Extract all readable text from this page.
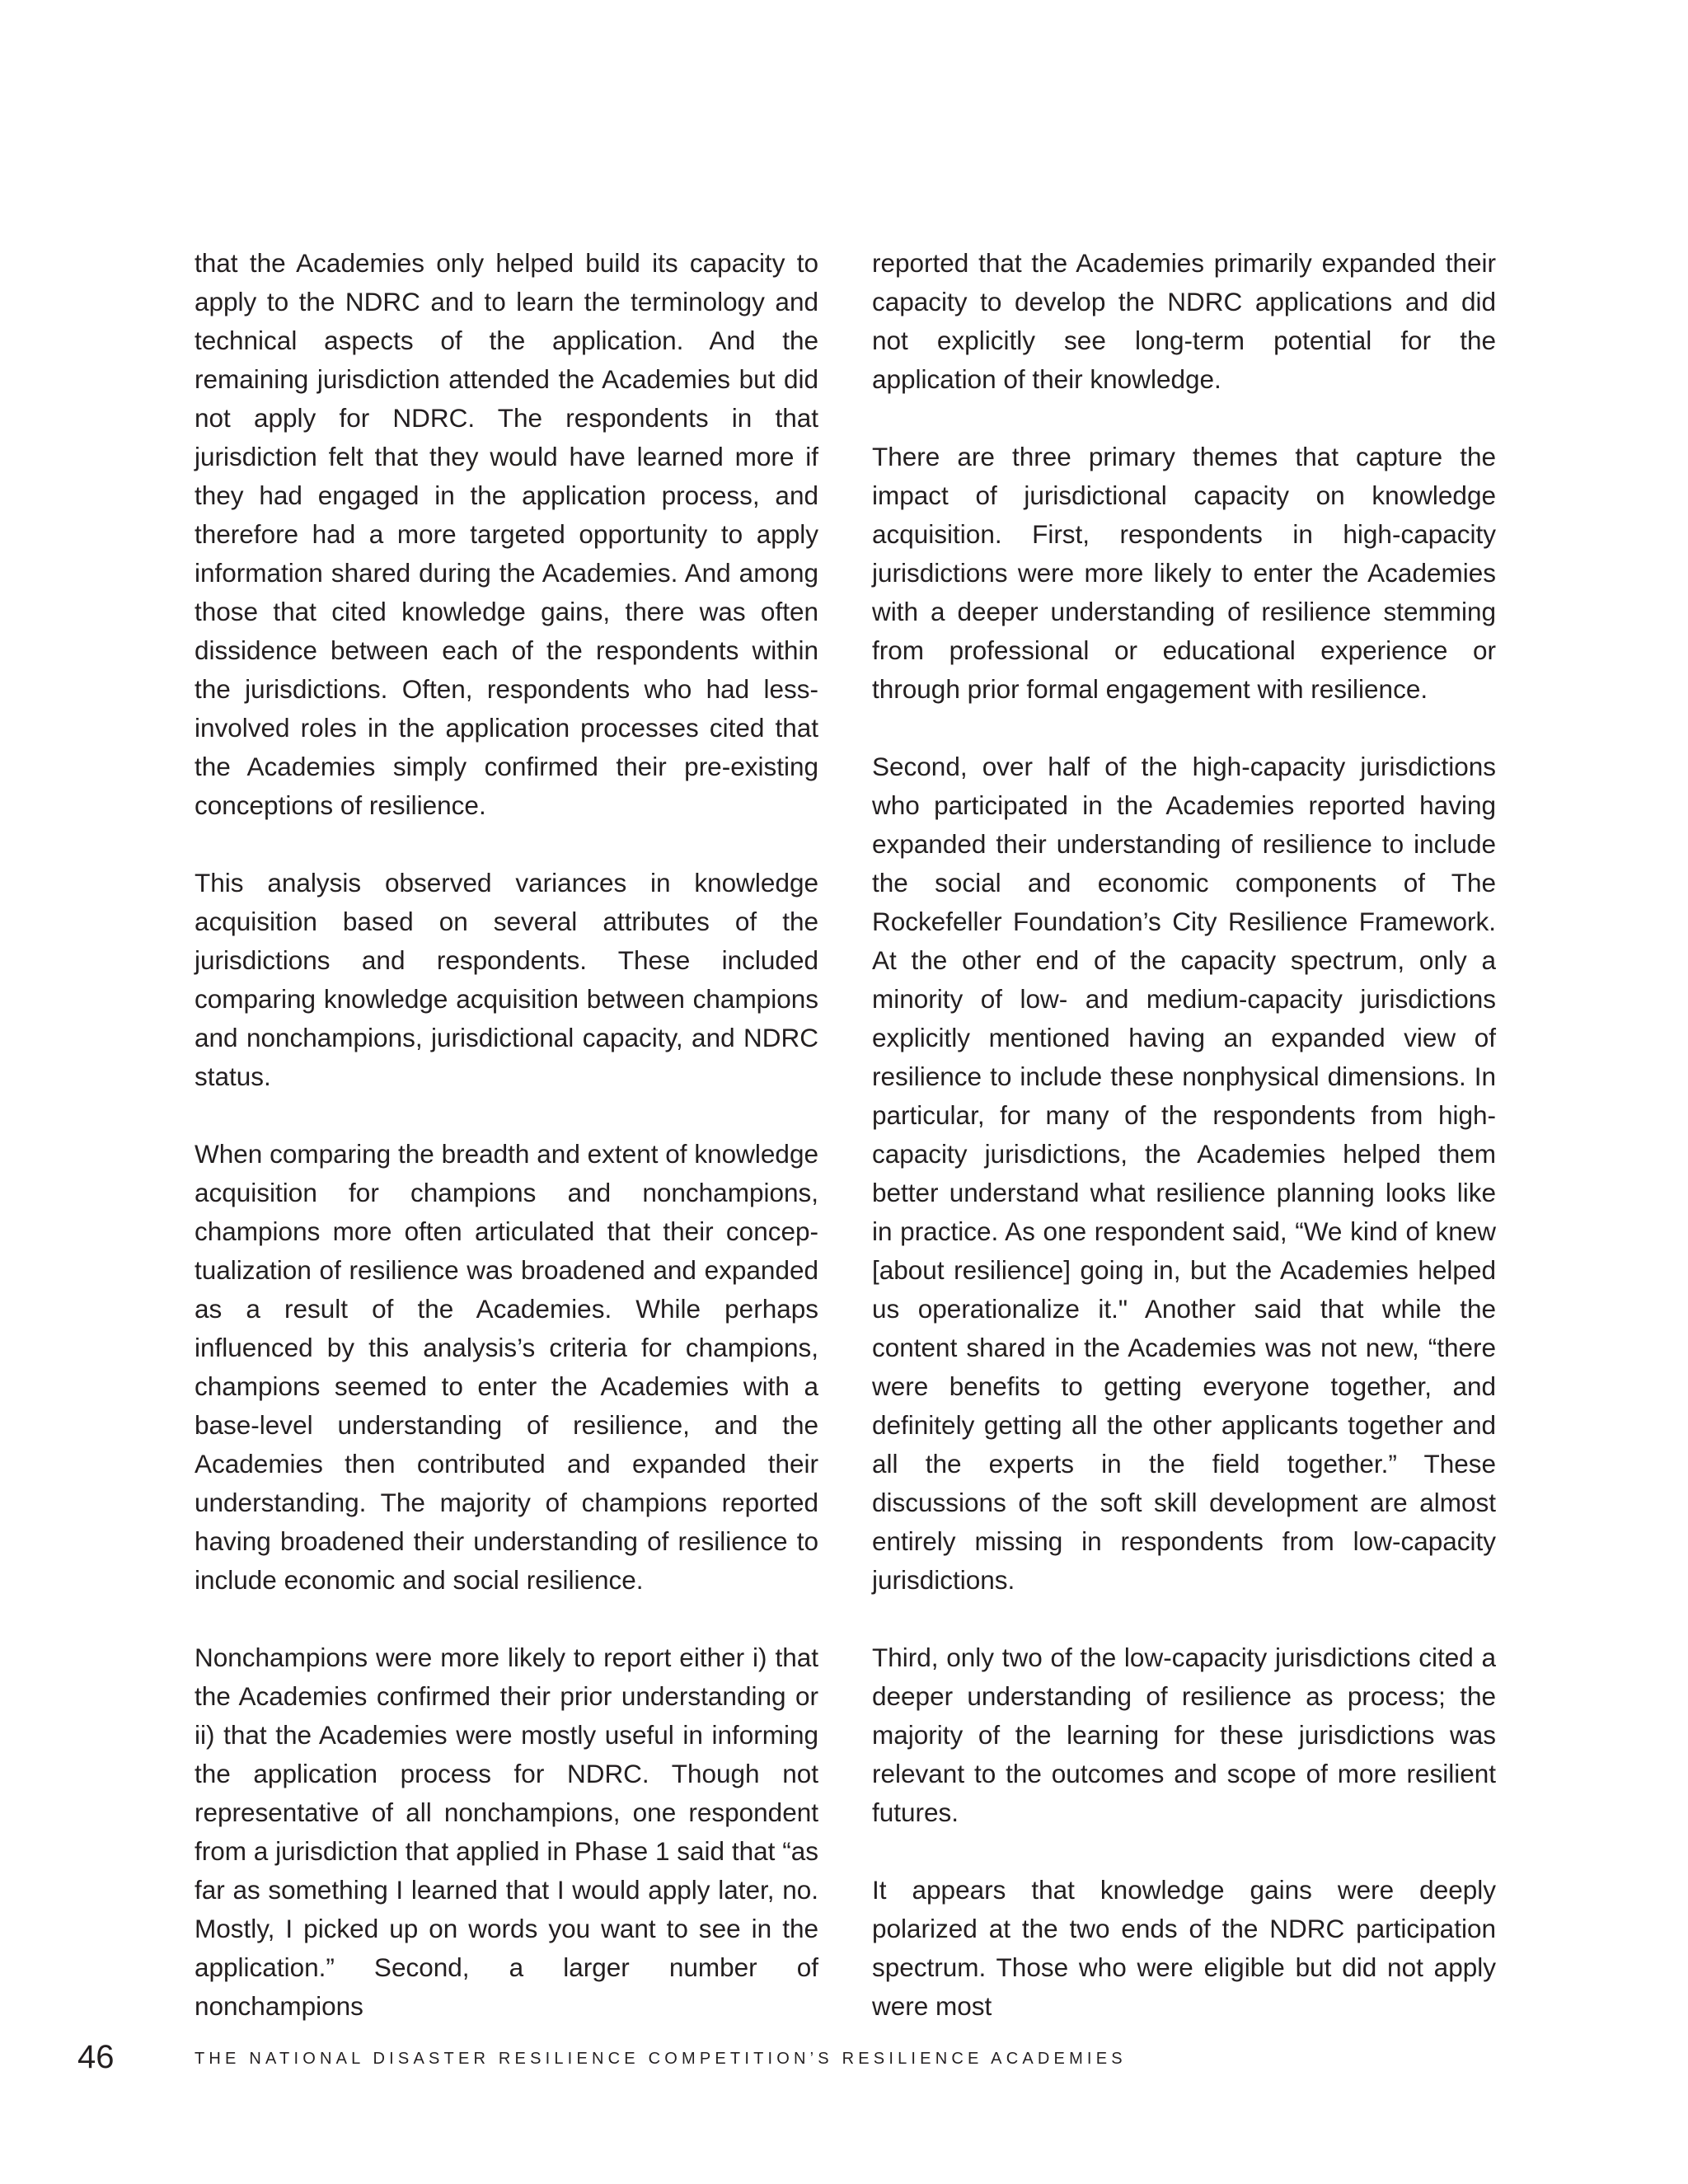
that the Academies only helped build its capacity to apply to the NDRC and to learn the terminology and technical aspects of the application. And the remaining jurisdiction attended the Academies but did not apply for NDRC. The respondents in that jurisdiction felt that they would have learned more if they had engaged in the application process, and therefore had a more targeted opportunity to apply information shared during the Academies. And among those that cited knowledge gains, there was often dissidence between each of the respondents within the jurisdictions. Often, respondents who had less-involved roles in the application processes cited that the Academies simply confirmed their pre-existing conceptions of resilience.

This analysis observed variances in knowledge acquisition based on several attributes of the jurisdictions and respondents. These included comparing knowledge acquisition between champions and nonchampions, jurisdictional capacity, and NDRC status.

When comparing the breadth and extent of knowledge acquisition for champions and nonchampions, champions more often articulated that their concep-tualization of resilience was broadened and expanded as a result of the Academies. While perhaps influenced by this analysis’s criteria for champions, champions seemed to enter the Academies with a base-level understanding of resilience, and the Academies then contributed and expanded their understanding. The majority of champions reported having broadened their understanding of resilience to include economic and social resilience.

Nonchampions were more likely to report either i) that the Academies confirmed their prior understanding or ii) that the Academies were mostly useful in informing the application process for NDRC. Though not representative of all nonchampions, one respondent from a jurisdiction that applied in Phase 1 said that “as far as something I learned that I would apply later, no. Mostly, I picked up on words you want to see in the application.” Second, a larger number of nonchampions

reported that the Academies primarily expanded their capacity to develop the NDRC applications and did not explicitly see long-term potential for the application of their knowledge.

There are three primary themes that capture the impact of jurisdictional capacity on knowledge acquisition. First, respondents in high-capacity jurisdictions were more likely to enter the Academies with a deeper understanding of resilience stemming from professional or educational experience or through prior formal engagement with resilience.

Second, over half of the high-capacity jurisdictions who participated in the Academies reported having expanded their understanding of resilience to include the social and economic components of The Rockefeller Foundation’s City Resilience Framework. At the other end of the capacity spectrum, only a minority of low- and medium-capacity jurisdictions explicitly mentioned having an expanded view of resilience to include these nonphysical dimensions. In particular, for many of the respondents from high-capacity jurisdictions, the Academies helped them better understand what resilience planning looks like in practice. As one respondent said, “We kind of knew [about resilience] going in, but the Academies helped us operationalize it." Another said that while the content shared in the Academies was not new, “there were benefits to getting everyone together, and definitely getting all the other applicants together and all the experts in the field together.” These discussions of the soft skill development are almost entirely missing in respondents from low-capacity jurisdictions.

Third, only two of the low-capacity jurisdictions cited a deeper understanding of resilience as process; the majority of the learning for these jurisdictions was relevant to the outcomes and scope of more resilient futures.

It appears that knowledge gains were deeply polarized at the two ends of the NDRC participation spectrum. Those who were eligible but did not apply were most

46	THE NATIONAL DISASTER RESILIENCE COMPETITION’S RESILIENCE ACADEMIES
